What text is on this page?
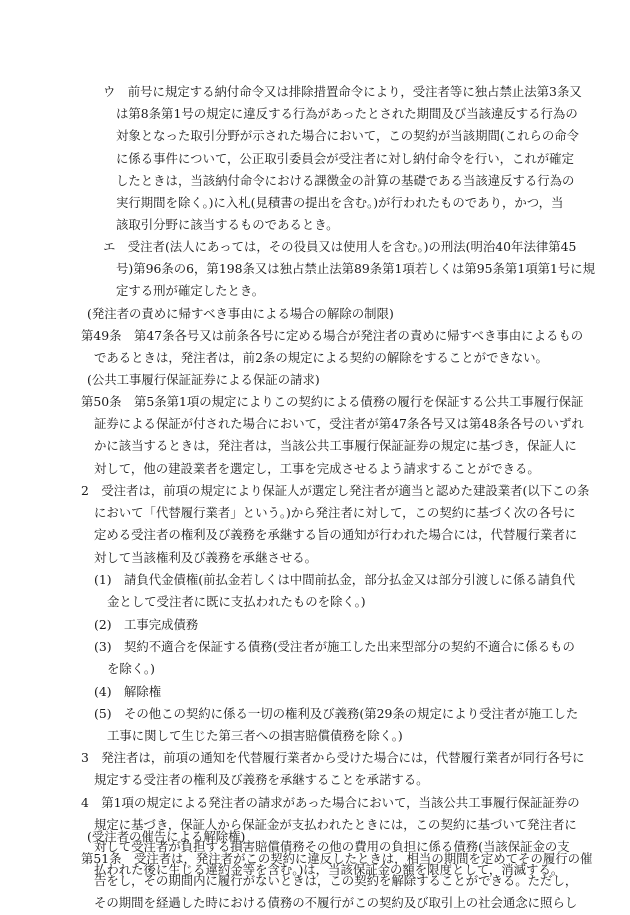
ウ　前号に規定する納付命令又は排除措置命令により，受注者等に独占禁止法第3条又
は第8条第1号の規定に違反する行為があったとされた期間及び当該違反する行為の
対象となった取引分野が示された場合において，この契約が当該期間(これらの命令
に係る事件について，公正取引委員会が受注者に対し納付命令を行い，これが確定
したときは，当該納付命令における課徴金の計算の基礎である当該違反する行為の
実行期間を除く。)に入札(見積書の提出を含む。)が行われたものであり，かつ，当
該取引分野に該当するものであるとき。
エ　受注者(法人にあっては，その役員又は使用人を含む。)の刑法(明治40年法律第45
号)第96条の6，第198条又は独占禁止法第89条第1項若しくは第95条第1項第1号に規
定する刑が確定したとき。
(発注者の責めに帰すべき事由による場合の解除の制限)
第49条　第47条各号又は前条各号に定める場合が発注者の責めに帰すべき事由によるもの
であるときは，発注者は，前2条の規定による契約の解除をすることができない。
(公共工事履行保証証券による保証の請求)
第50条　第5条第1項の規定によりこの契約による債務の履行を保証する公共工事履行保証
証券による保証が付された場合において，受注者が第47条各号又は第48条各号のいずれ
かに該当するときは，発注者は，当該公共工事履行保証証券の規定に基づき，保証人に
対して，他の建設業者を選定し，工事を完成させるよう請求することができる。
2　受注者は，前項の規定により保証人が選定し発注者が適当と認めた建設業者(以下この条
において「代替履行業者」という。)から発注者に対して，この契約に基づく次の各号に
定める受注者の権利及び義務を承継する旨の通知が行われた場合には，代替履行業者に
対して当該権利及び義務を承継させる。
(1)　請負代金債権(前払金若しくは中間前払金，部分払金又は部分引渡しに係る請負代
金として受注者に既に支払われたものを除く。)
(2)　工事完成債務
(3)　契約不適合を保証する債務(受注者が施工した出来型部分の契約不適合に係るもの
を除く。)
(4)　解除権
(5)　その他この契約に係る一切の権利及び義務(第29条の規定により受注者が施工した
工事に関して生じた第三者への損害賠償債務を除く。)
3　発注者は，前項の通知を代替履行業者から受けた場合には，代替履行業者が同行各号に
規定する受注者の権利及び義務を承継することを承諾する。
4　第1項の規定による発注者の請求があった場合において，当該公共工事履行保証証券の
規定に基づき，保証人から保証金が支払われたときには，この契約に基づいて発注者に
対して受注者が負担する損害賠償債務その他の費用の負担に係る債務(当該保証金の支
払われた後に生じる違約金等を含む。)は，当該保証金の額を限度として，消滅する。
(受注者の催告による解除権)
第51条　受注者は，発注者がこの契約に違反したときは，相当の期間を定めてその履行の催
告をし，その期間内に履行がないときは，この契約を解除することができる。ただし，
その期間を経過した時における債務の不履行がこの契約及び取引上の社会通念に照らし
